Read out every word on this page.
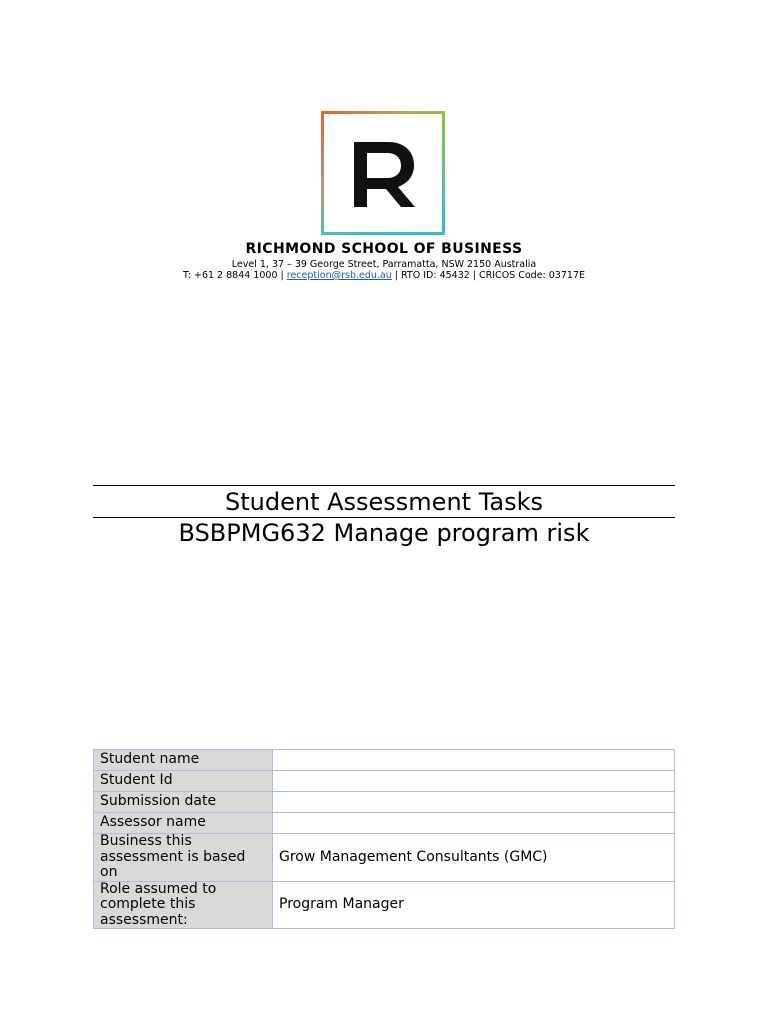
RICHMOND SCHOOL OF BUSINESS
Level 1, 37 – 39 George Street, Parramatta, NSW 2150 Australia
T: +61 2 8844 1000 | reception@rsb.edu.au | RTO ID: 45432 | CRICOS Code: 03717E
Student Assessment Tasks
BSBPMG632 Manage program risk
Student name	
Student Id	
Submission date	
Assessor name	
Business this assessment is based on	Grow Management Consultants (GMC)
Role assumed to complete this assessment:	Program Manager
